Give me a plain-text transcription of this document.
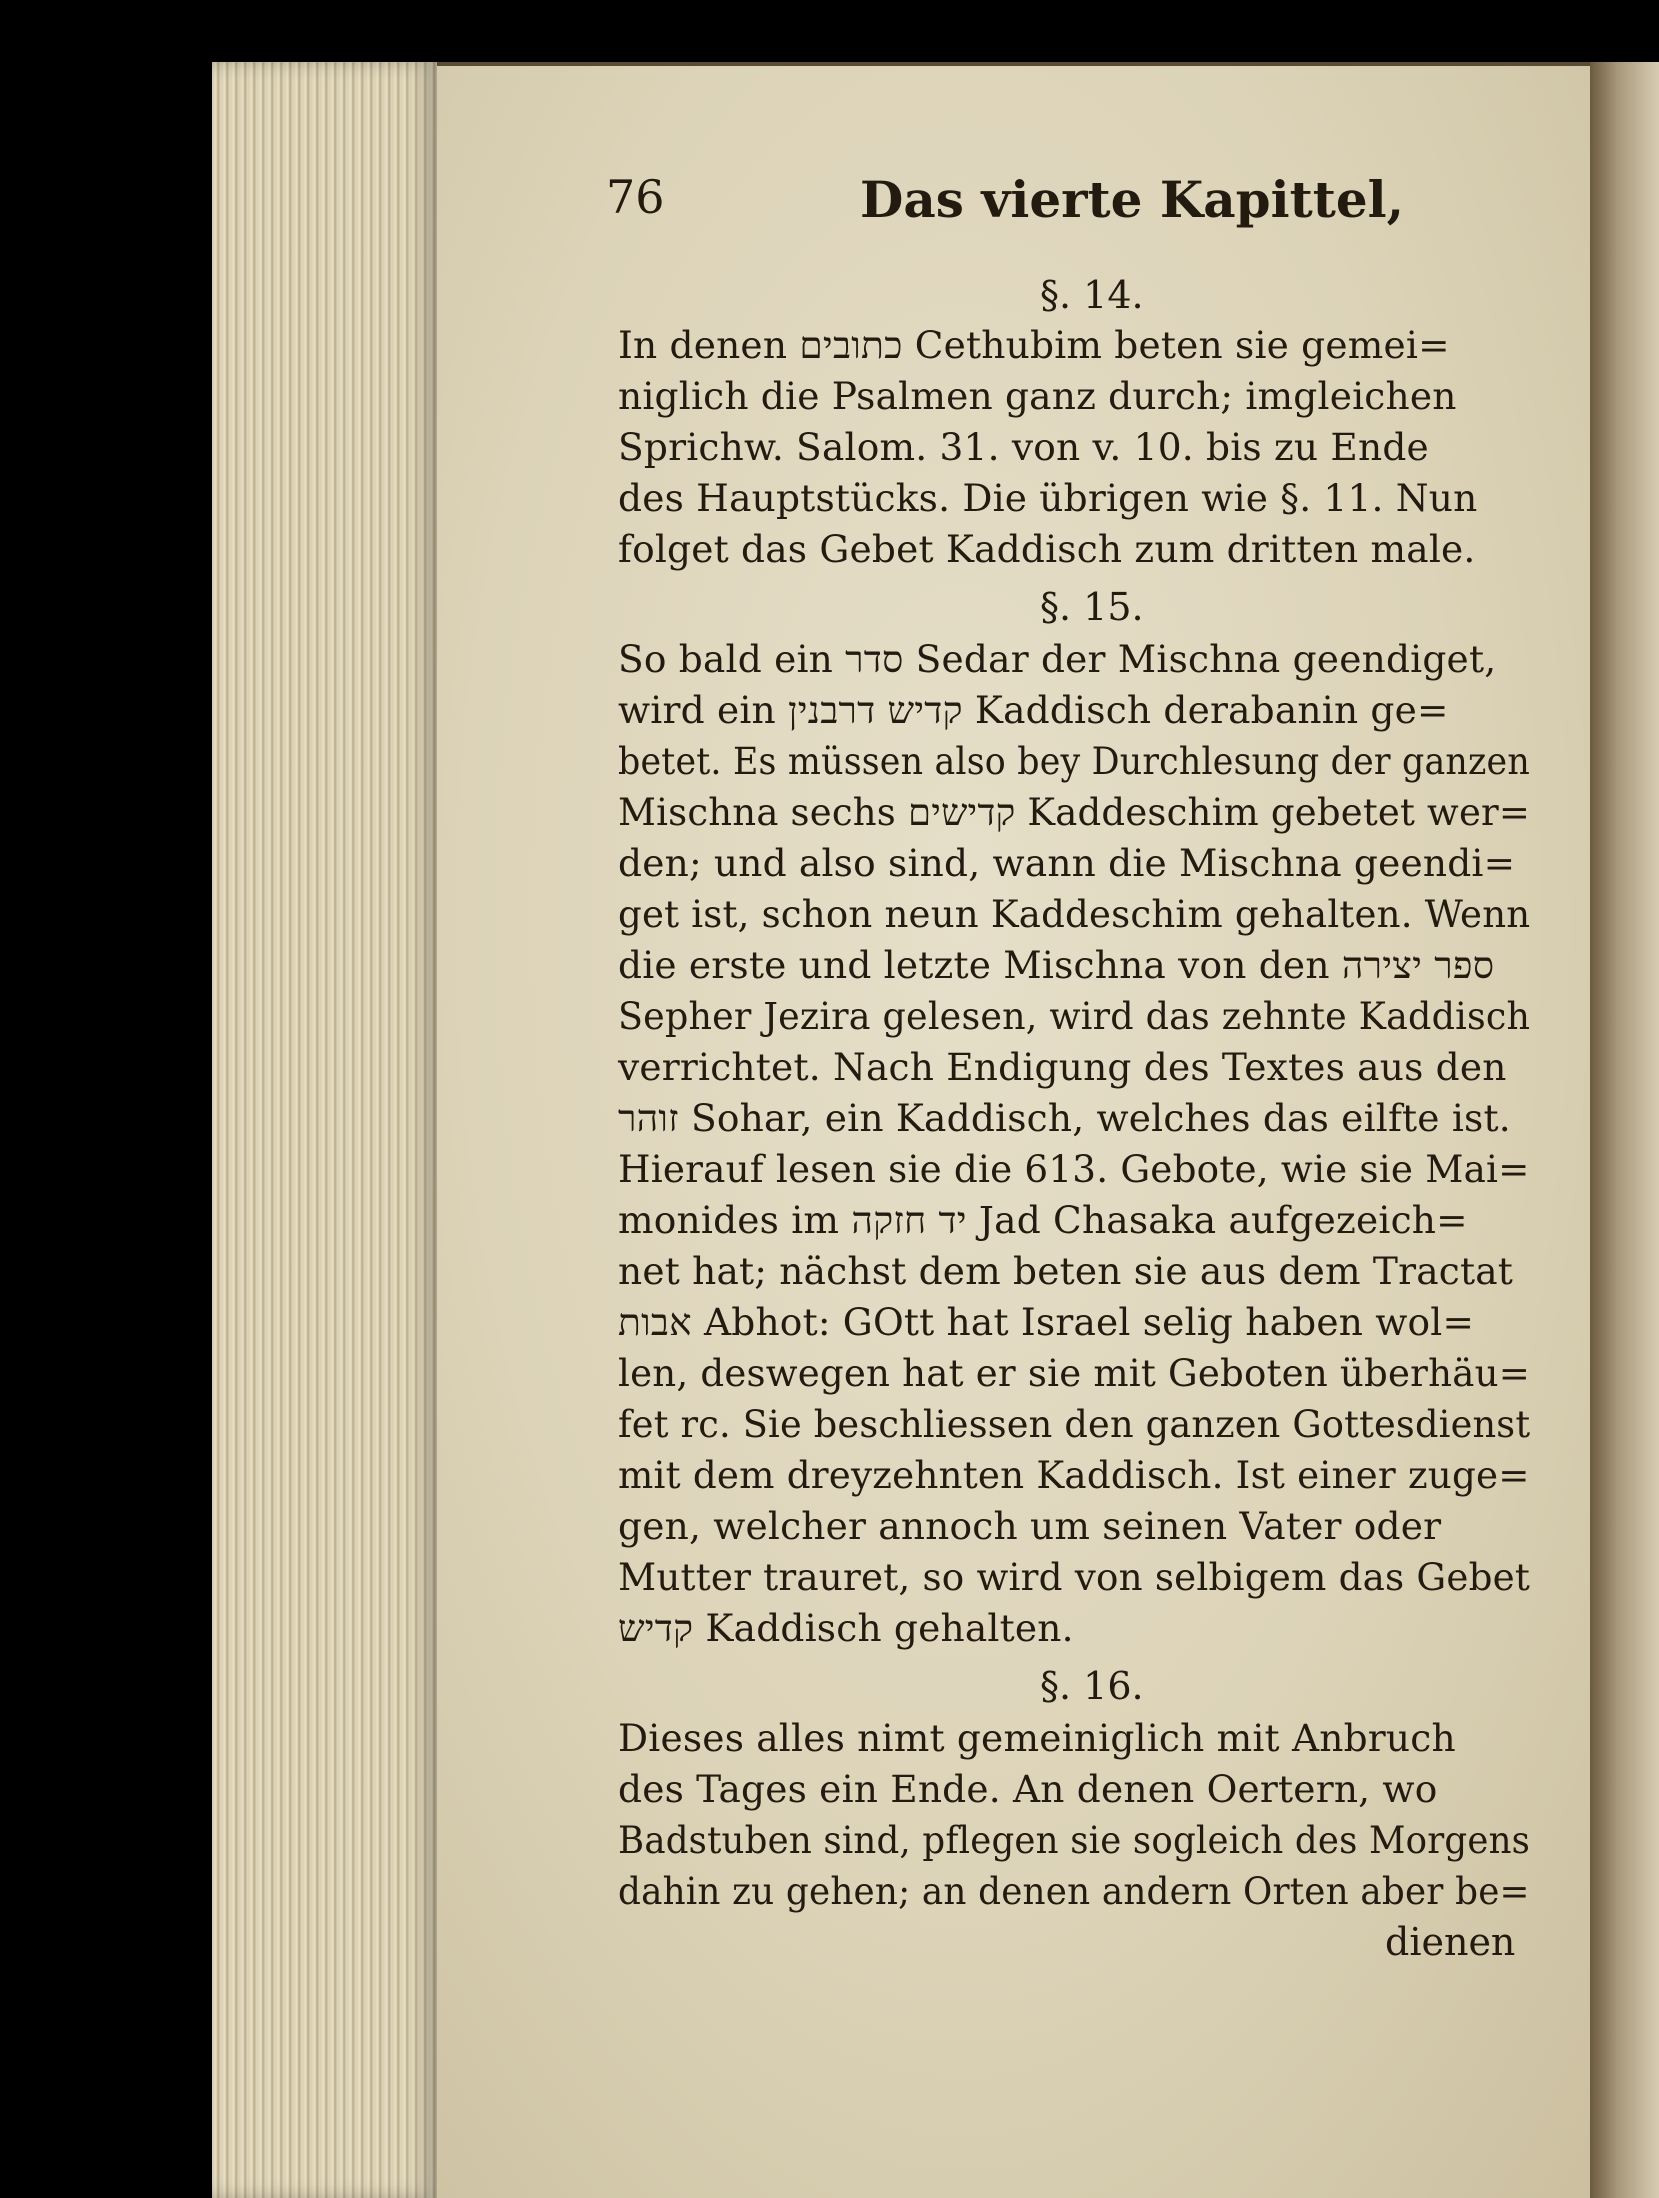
76	Das vierte Kapittel,
§. 14.
In denen כתובים Cethubim beten sie gemei=
niglich die Psalmen ganz durch; imgleichen
Sprichw. Salom. 31. von v. 10. bis zu Ende
des Hauptstücks. Die übrigen wie §. 11. Nun
folget das Gebet Kaddisch zum dritten male.
§. 15.
So bald ein סדר Sedar der Mischna geendiget,
wird ein קדיש דרבנין Kaddisch derabanin ge=
betet. Es müssen also bey Durchlesung der ganzen
Mischna sechs קדישים Kaddeschim gebetet wer=
den; und also sind, wann die Mischna geendi=
get ist, schon neun Kaddeschim gehalten. Wenn
die erste und letzte Mischna von den ספר יצירה
Sepher Jezira gelesen, wird das zehnte Kaddisch
verrichtet. Nach Endigung des Textes aus den
זוהר Sohar, ein Kaddisch, welches das eilfte ist.
Hierauf lesen sie die 613. Gebote, wie sie Mai=
monides im יד חזקה Jad Chasaka aufgezeich=
net hat; nächst dem beten sie aus dem Tractat
אבות Abhot: GOtt hat Israel selig haben wol=
len, deswegen hat er sie mit Geboten überhäu=
fet rc. Sie beschliessen den ganzen Gottesdienst
mit dem dreyzehnten Kaddisch. Ist einer zuge=
gen, welcher annoch um seinen Vater oder
Mutter trauret, so wird von selbigem das Gebet
קדיש Kaddisch gehalten.
§. 16.
Dieses alles nimt gemeiniglich mit Anbruch
des Tages ein Ende. An denen Oertern, wo
Badstuben sind, pflegen sie sogleich des Morgens
dahin zu gehen; an denen andern Orten aber be=
dienen
